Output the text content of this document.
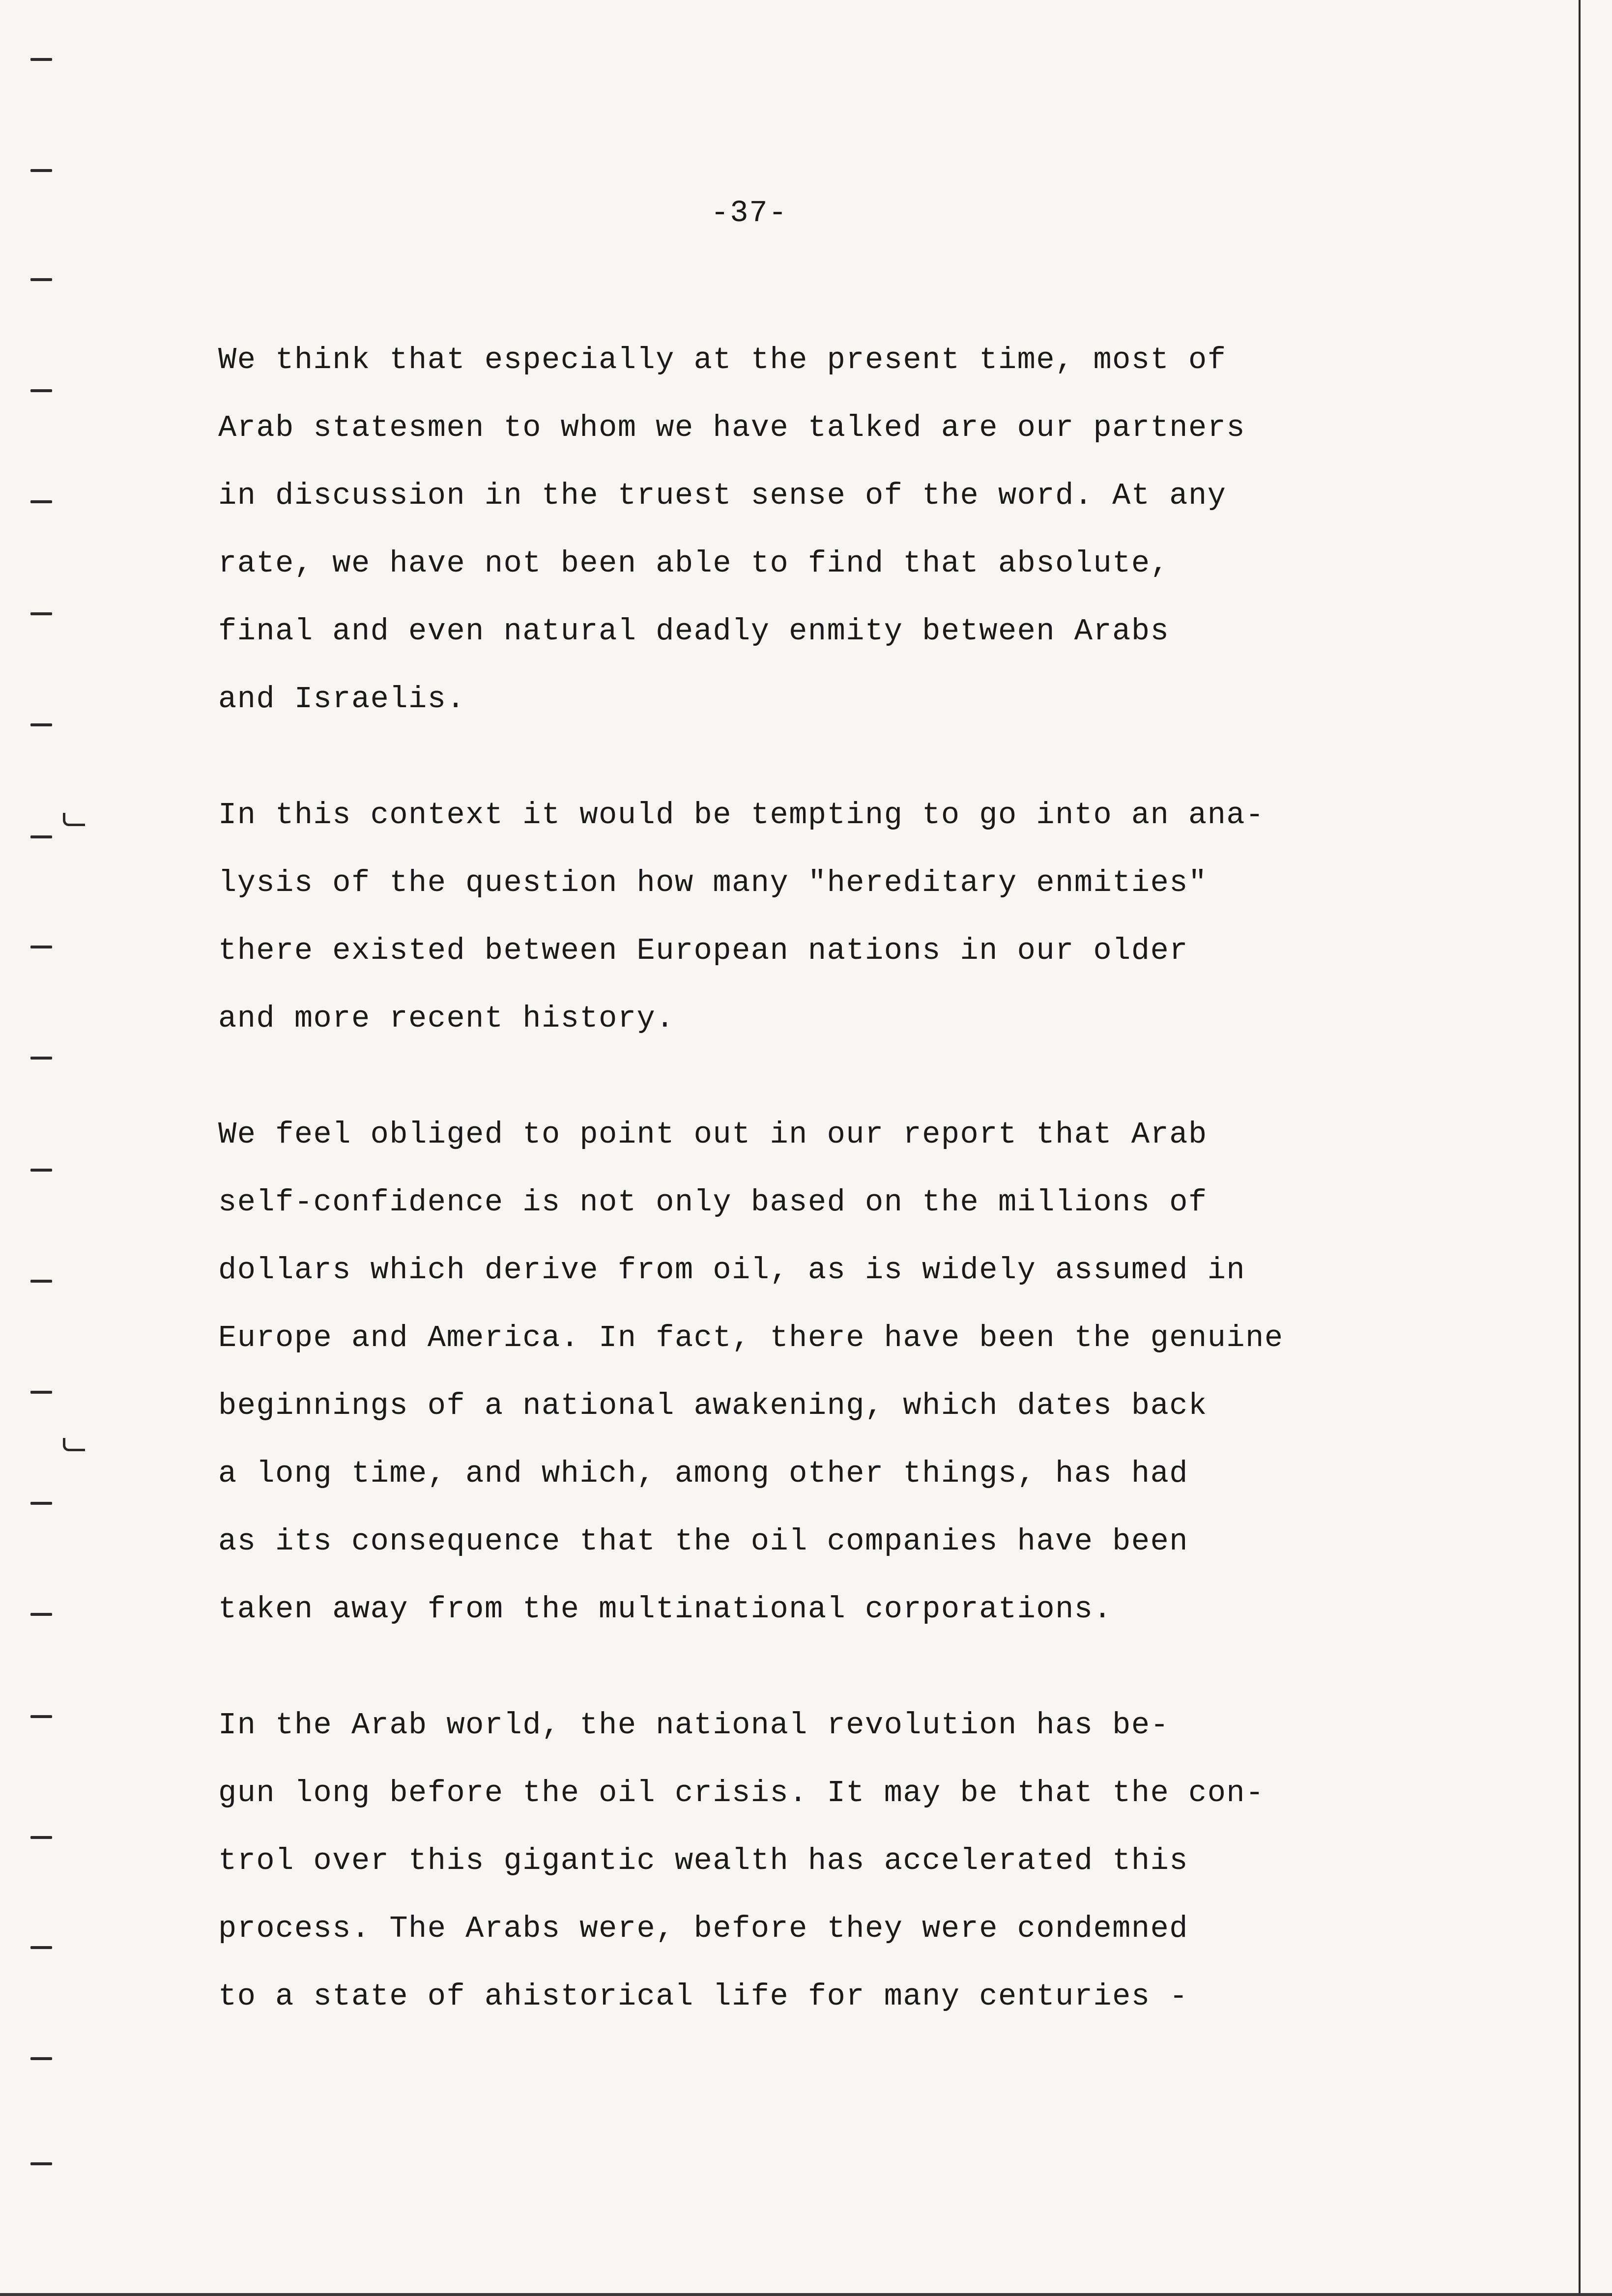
-37-

We think that especially at the present time, most of
Arab statesmen to whom we have talked are our partners
in discussion in the truest sense of the word. At any
rate, we have not been able to find that absolute,
final and even natural deadly enmity between Arabs
and Israelis.

In this context it would be tempting to go into an ana-
lysis of the question how many "hereditary enmities"
there existed between European nations in our older
and more recent history.

We feel obliged to point out in our report that Arab
self-confidence is not only based on the millions of
dollars which derive from oil, as is widely assumed in
Europe and America. In fact, there have been the genuine
beginnings of a national awakening, which dates back
a long time, and which, among other things, has had
as its consequence that the oil companies have been
taken away from the multinational corporations.

In the Arab world, the national revolution has be-
gun long before the oil crisis. It may be that the con-
trol over this gigantic wealth has accelerated this
process. The Arabs were, before they were condemned
to a state of ahistorical life for many centuries -
